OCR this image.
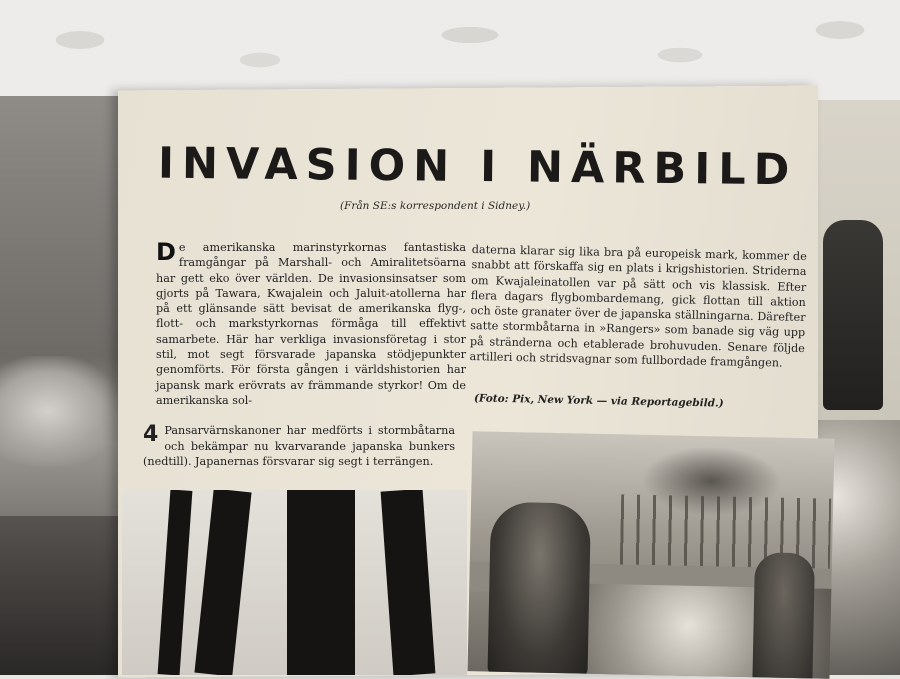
INVASION I NÄRBILD

(Från SE:s korrespondent i Sidney.)

De amerikanska marinstyrkornas fantastiska framgångar på Marshall- och Amiralitetsöarna har gett eko över världen. De invasionsinsatser som gjorts på Tawara, Kwajalein och Jaluit-atollerna har på ett glänsande sätt bevisat de amerikanska flyg-, flott- och markstyrkornas förmåga till effektivt samarbete. Här har verkliga invasionsföretag i stor stil, mot segt försvarade japanska stödjepunkter genomförts. För första gången i världshistorien har japansk mark erövrats av främmande styrkor! Om de amerikanska sol-

daterna klarar sig lika bra på europeisk mark, kommer de snabbt att förskaffa sig en plats i krigshistorien. Striderna om Kwajaleinatollen var på sätt och vis klassisk. Efter flera dagars flygbombardemang, gick flottan till aktion och öste granater över de japanska ställningarna. Därefter satte stormbåtarna in »Rangers» som banade sig väg upp på stränderna och etablerade brohuvuden. Senare följde artilleri och stridsvagnar som fullbordade framgången.

(Foto: Pix, New York — via Reportagebild.)

4 Pansarvärnskanoner har medförts i stormbåtarna och bekämpar nu kvarvarande japanska bunkers (nedtill). Japanernas försvarar sig segt i terrängen.
